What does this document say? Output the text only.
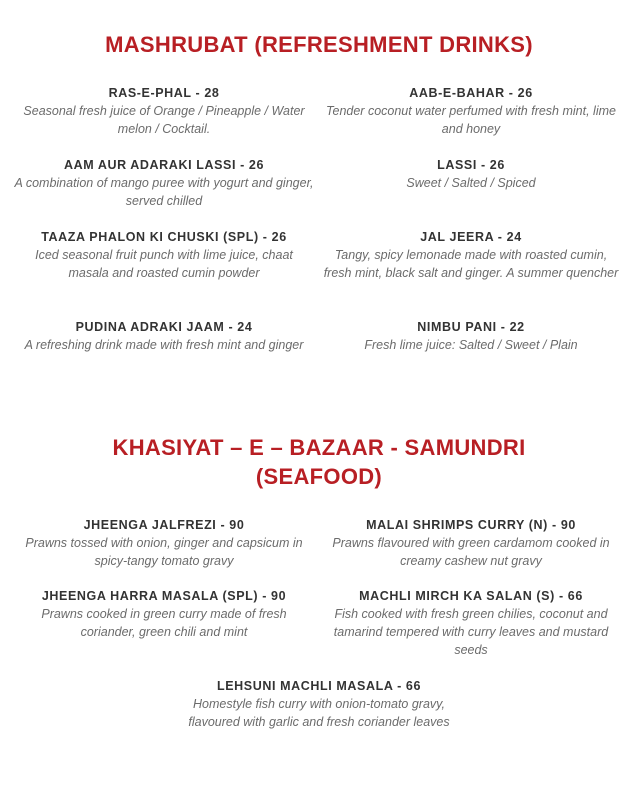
MASHRUBAT (REFRESHMENT DRINKS)
RAS-E-PHAL - 28
Seasonal fresh juice of Orange / Pineapple / Water melon / Cocktail.
AAB-E-BAHAR - 26
Tender coconut water perfumed with fresh mint, lime and honey
AAM AUR ADARAKI LASSI - 26
A combination of mango puree with yogurt and ginger, served chilled
LASSI - 26
Sweet / Salted / Spiced
TAAZA PHALON KI CHUSKI (SPL) - 26
Iced seasonal fruit punch with lime juice, chaat masala and roasted cumin powder
JAL JEERA - 24
Tangy, spicy lemonade made with roasted cumin, fresh mint, black salt and ginger. A summer quencher
PUDINA ADRAKI JAAM - 24
A refreshing drink made with fresh mint and ginger
NIMBU PANI - 22
Fresh lime juice: Salted / Sweet / Plain
KHASIYAT – E – BAZAAR - SAMUNDRI
(SEAFOOD)
JHEENGA JALFREZI - 90
Prawns tossed with onion, ginger and capsicum in spicy-tangy tomato gravy
MALAI SHRIMPS CURRY (N) - 90
Prawns flavoured with green cardamom cooked in creamy cashew nut gravy
JHEENGA HARRA MASALA (SPL) - 90
Prawns cooked in green curry made of fresh coriander, green chili and mint
MACHLI MIRCH KA SALAN (S) - 66
Fish cooked with fresh green chilies, coconut and tamarind tempered with curry leaves and mustard seeds
LEHSUNI MACHLI MASALA - 66
Homestyle fish curry with onion-tomato gravy, flavoured with garlic and fresh coriander leaves
